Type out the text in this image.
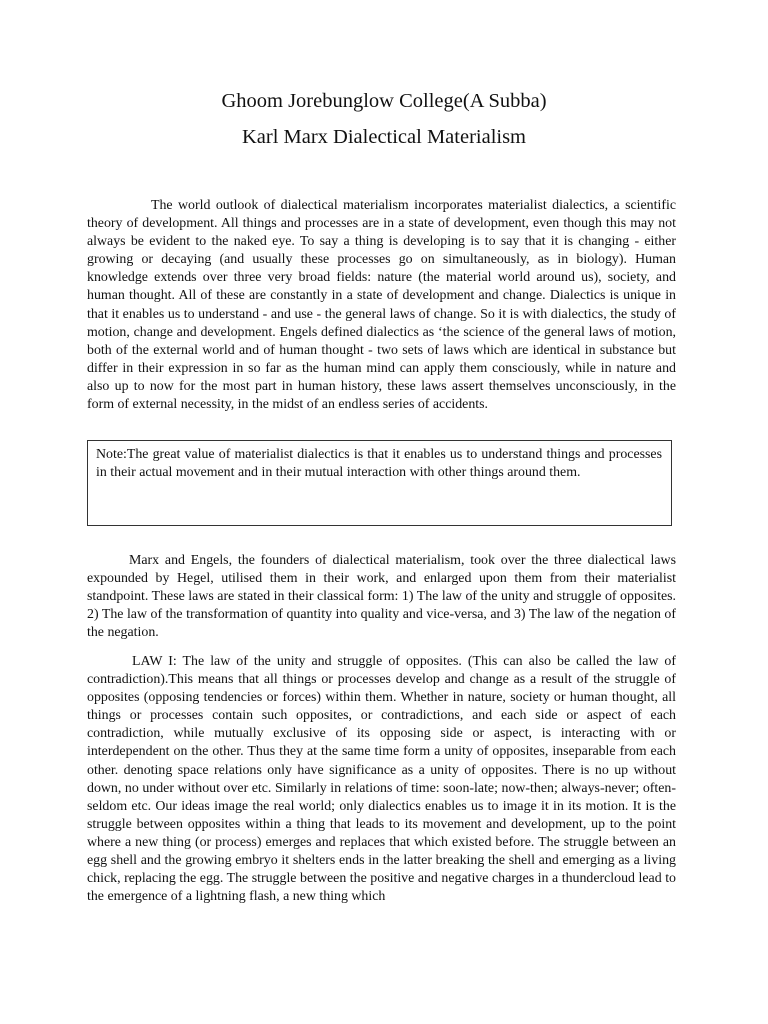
Ghoom Jorebunglow College(A Subba)
Karl Marx Dialectical Materialism

The world outlook of dialectical materialism incorporates materialist dialectics, a scientific theory of development. All things and processes are in a state of development, even though this may not always be evident to the naked eye. To say a thing is developing is to say that it is changing - either growing or decaying (and usually these processes go on simultaneously, as in biology). Human knowledge extends over three very broad fields: nature (the material world around us), society, and human thought. All of these are constantly in a state of development and change. Dialectics is unique in that it enables us to understand - and use - the general laws of change. So it is with dialectics, the study of motion, change and development. Engels defined dialectics as ‘the science of the general laws of motion, both of the external world and of human thought - two sets of laws which are identical in substance but differ in their expression in so far as the human mind can apply them consciously, while in nature and also up to now for the most part in human history, these laws assert themselves unconsciously, in the form of external necessity, in the midst of an endless series of accidents.

Note:The great value of materialist dialectics is that it enables us to understand things and processes in their actual movement and in their mutual interaction with other things around them.

Marx and Engels, the founders of dialectical materialism, took over the three dialectical laws expounded by Hegel, utilised them in their work, and enlarged upon them from their materialist standpoint. These laws are stated in their classical form: 1) The law of the unity and struggle of opposites. 2) The law of the transformation of quantity into quality and vice-versa, and 3) The law of the negation of the negation.

LAW I: The law of the unity and struggle of opposites. (This can also be called the law of contradiction).This means that all things or processes develop and change as a result of the struggle of opposites (opposing tendencies or forces) within them. Whether in nature, society or human thought, all things or processes contain such opposites, or contradictions, and each side or aspect of each contradiction, while mutually exclusive of its opposing side or aspect, is interacting with or interdependent on the other. Thus they at the same time form a unity of opposites, inseparable from each other. denoting space relations only have significance as a unity of opposites. There is no up without down, no under without over etc. Similarly in relations of time: soon-late; now-then; always-never; often-seldom etc. Our ideas image the real world; only dialectics enables us to image it in its motion. It is the struggle between opposites within a thing that leads to its movement and development, up to the point where a new thing (or process) emerges and replaces that which existed before. The struggle between an egg shell and the growing embryo it shelters ends in the latter breaking the shell and emerging as a living chick, replacing the egg. The struggle between the positive and negative charges in a thundercloud lead to the emergence of a lightning flash, a new thing which
